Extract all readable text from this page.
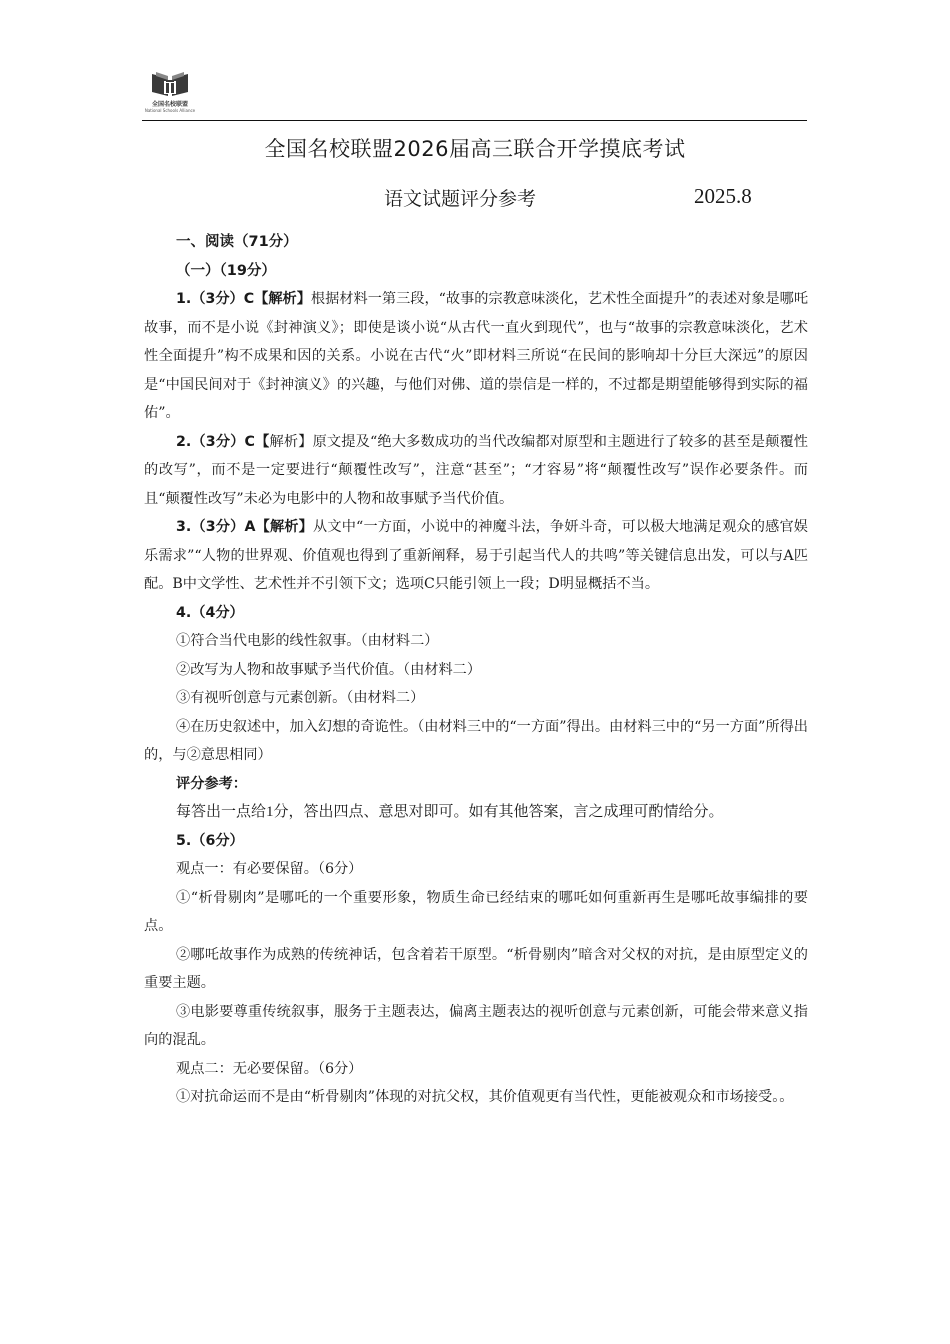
全国名校联盟
National Schools Alliance
全国名校联盟2026届高三联合开学摸底考试
语文试题评分参考	2025.8

一、阅读（71分）

（一）（19分）

1.（3分）C【解析】根据材料一第三段，“故事的宗教意味淡化，艺术性全面提升”的表述对象是哪吒故事，而不是小说《封神演义》；即使是谈小说“从古代一直火到现代”，也与“故事的宗教意味淡化，艺术性全面提升”构不成果和因的关系。小说在古代“火”即材料三所说“在民间的影响却十分巨大深远”的原因是“中国民间对于《封神演义》的兴趣，与他们对佛、道的崇信是一样的，不过都是期望能够得到实际的福佑”。

2.（3分）C【解析】原文提及“绝大多数成功的当代改编都对原型和主题进行了较多的甚至是颠覆性的改写”，而不是一定要进行“颠覆性改写”，注意“甚至”；“才容易”将“颠覆性改写”误作必要条件。而且“颠覆性改写”未必为电影中的人物和故事赋予当代价值。

3.（3分）A【解析】从文中“一方面，小说中的神魔斗法，争妍斗奇，可以极大地满足观众的感官娱乐需求”“人物的世界观、价值观也得到了重新阐释，易于引起当代人的共鸣”等关键信息出发，可以与A匹配。B中文学性、艺术性并不引领下文；选项C只能引领上一段；D明显概括不当。

4.（4分）

①符合当代电影的线性叙事。（由材料二）

②改写为人物和故事赋予当代价值。（由材料二）

③有视听创意与元素创新。（由材料二）

④在历史叙述中，加入幻想的奇诡性。（由材料三中的“一方面”得出。由材料三中的“另一方面”所得出的，与②意思相同）

评分参考：

每答出一点给1分，答出四点、意思对即可。如有其他答案，言之成理可酌情给分。

5.（6分）

观点一：有必要保留。（6分）

①“析骨剔肉”是哪吒的一个重要形象，物质生命已经结束的哪吒如何重新再生是哪吒故事编排的要点。

②哪吒故事作为成熟的传统神话，包含着若干原型。“析骨剔肉”暗含对父权的对抗，是由原型定义的重要主题。

③电影要尊重传统叙事，服务于主题表达，偏离主题表达的视听创意与元素创新，可能会带来意义指向的混乱。

观点二：无必要保留。（6分）

①对抗命运而不是由“析骨剔肉”体现的对抗父权，其价值观更有当代性，更能被观众和市场接受。。
